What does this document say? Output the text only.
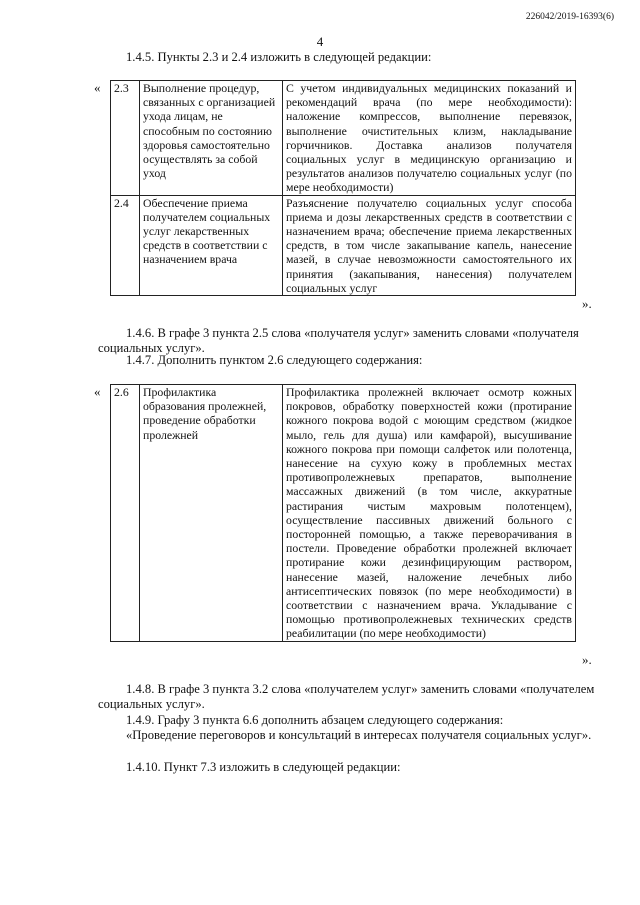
226042/2019-16393(6)
4
1.4.5. Пункты 2.3 и 2.4 изложить в следующей редакции:
« 2.3	Выполнение процедур, связанных с организацией ухода лицам, не способным по состоянию здоровья самостоятельно осуществлять за собой уход	С учетом индивидуальных медицинских показаний и рекомендаций врача (по мере необходимости): наложение компрессов, выполнение перевязок, выполнение очистительных клизм, накладывание горчичников. Доставка анализов получателя социальных услуг в медицинскую организацию и результатов анализов получателю социальных услуг (по мере необходимости)
2.4	Обеспечение приема получателем социальных услуг лекарственных средств в соответствии с назначением врача	Разъяснение получателю социальных услуг способа приема и дозы лекарственных средств в соответствии с назначением врача; обеспечение приема лекарственных средств, в том числе закапывание капель, нанесение мазей, в случае невозможности самостоятельного их принятия (закапывания, нанесения) получателем социальных услуг
».
1.4.6. В графе 3 пункта 2.5 слова «получателя услуг» заменить словами «получателя социальных услуг».
1.4.7. Дополнить пунктом 2.6 следующего содержания:
« 2.6	Профилактика образования пролежней, проведение обработки пролежней	Профилактика пролежней включает осмотр кожных покровов, обработку поверхностей кожи (протирание кожного покрова водой с моющим средством (жидкое мыло, гель для душа) или камфарой), высушивание кожного покрова при помощи салфеток или полотенца, нанесение на сухую кожу в проблемных местах противопролежневых препаратов, выполнение массажных движений (в том числе, аккуратные растирания чистым махровым полотенцем), осуществление пассивных движений больного с посторонней помощью, а также переворачивания в постели. Проведение обработки пролежней включает протирание кожи дезинфицирующим раствором, нанесение мазей, наложение лечебных либо антисептических повязок (по мере необходимости) в соответствии с назначением врача. Укладывание с помощью противопролежневых технических средств реабилитации (по мере необходимости)
».
1.4.8. В графе 3 пункта 3.2 слова «получателем услуг» заменить словами «получателем социальных услуг».
1.4.9. Графу 3 пункта 6.6 дополнить абзацем следующего содержания:
«Проведение переговоров и консультаций в интересах получателя социальных услуг».
1.4.10. Пункт 7.3 изложить в следующей редакции:
